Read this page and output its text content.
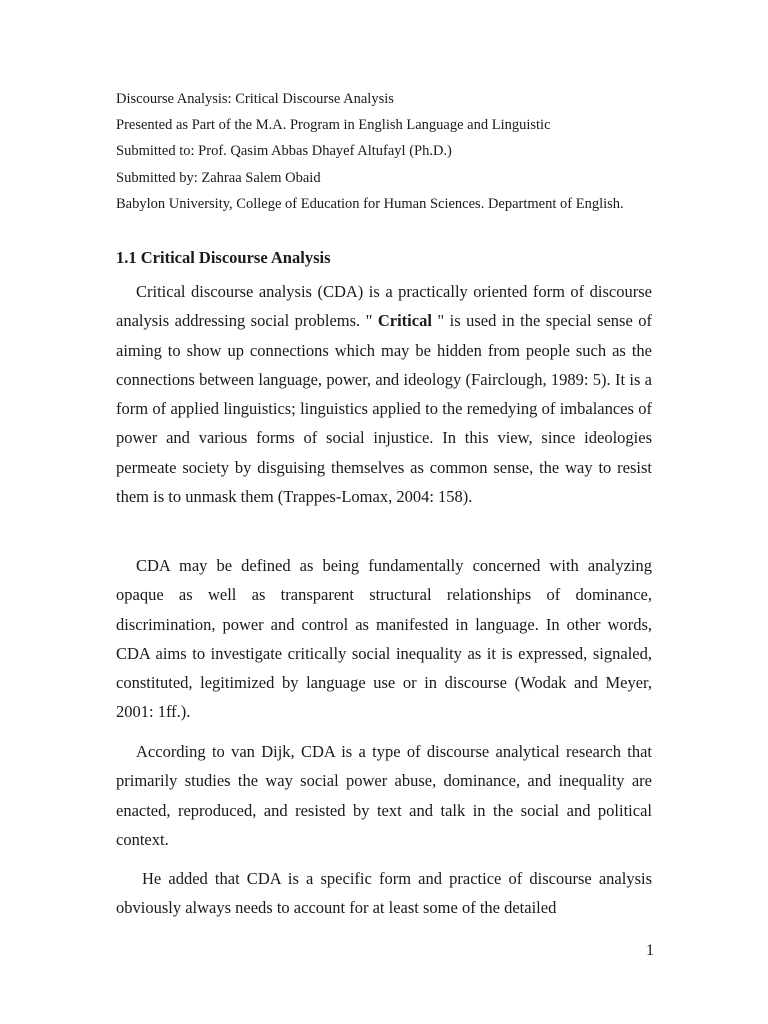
Discourse Analysis: Critical Discourse Analysis
Presented as Part of the M.A. Program in English Language and Linguistic
Submitted to: Prof. Qasim Abbas Dhayef Altufayl (Ph.D.)
Submitted by: Zahraa Salem Obaid
Babylon University, College of Education for Human Sciences. Department of English.
1.1 Critical Discourse Analysis

Critical discourse analysis (CDA) is a practically oriented form of discourse analysis addressing social problems. " Critical " is used in the special sense of aiming to show up connections which may be hidden from people such as the connections between language, power, and ideology (Fairclough, 1989: 5). It is a form of applied linguistics; linguistics applied to the remedying of imbalances of power and various forms of social injustice. In this view, since ideologies permeate society by disguising themselves as common sense, the way to resist them is to unmask them (Trappes-Lomax, 2004: 158).

CDA may be defined as being fundamentally concerned with analyzing opaque as well as transparent structural relationships of dominance, discrimination, power and control as manifested in language. In other words, CDA aims to investigate critically social inequality as it is expressed, signaled, constituted, legitimized by language use or in discourse (Wodak and Meyer, 2001: 1ff.).

According to van Dijk, CDA is a type of discourse analytical research that primarily studies the way social power abuse, dominance, and inequality are enacted, reproduced, and resisted by text and talk in the social and political context.

He added that CDA is a specific form and practice of discourse analysis obviously always needs to account for at least some of the detailed

1
